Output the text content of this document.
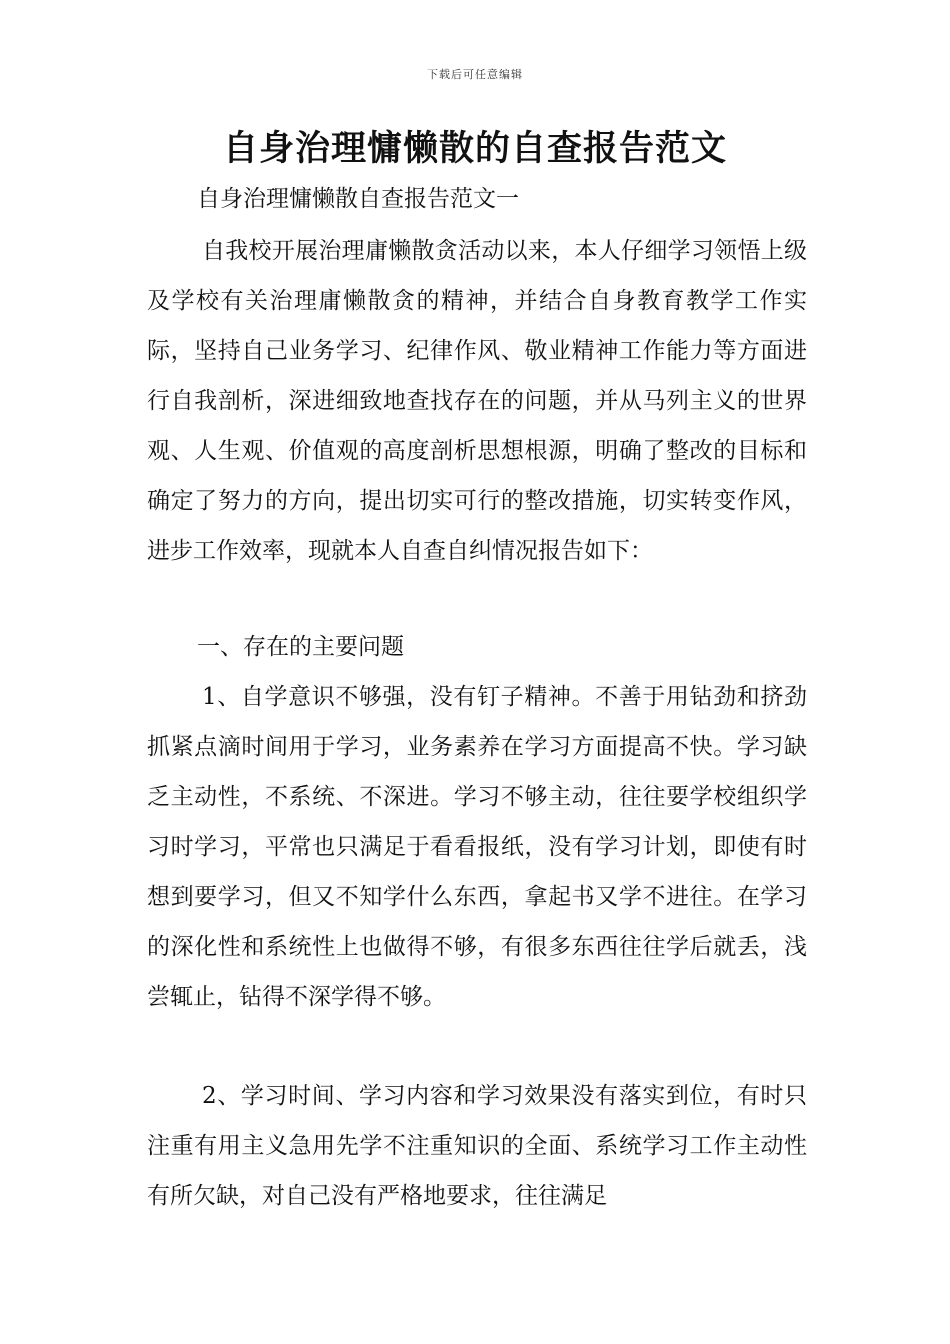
下载后可任意编辑
自身治理慵懒散的自查报告范文
自身治理慵懒散自查报告范文一

自我校开展治理庸懒散贪活动以来，本人仔细学习领悟上级及学校有关治理庸懒散贪的精神，并结合自身教育教学工作实际，坚持自己业务学习、纪律作风、敬业精神工作能力等方面进行自我剖析，深进细致地查找存在的问题，并从马列主义的世界观、人生观、价值观的高度剖析思想根源，明确了整改的目标和确定了努力的方向，提出切实可行的整改措施，切实转变作风，进步工作效率，现就本人自查自纠情况报告如下：

一、存在的主要问题

1、自学意识不够强，没有钉子精神。不善于用钻劲和挤劲抓紧点滴时间用于学习，业务素养在学习方面提高不快。学习缺乏主动性，不系统、不深进。学习不够主动，往往要学校组织学习时学习，平常也只满足于看看报纸，没有学习计划，即使有时想到要学习，但又不知学什么东西，拿起书又学不进往。在学习的深化性和系统性上也做得不够，有很多东西往往学后就丢，浅尝辄止，钻得不深学得不够。

2、学习时间、学习内容和学习效果没有落实到位，有时只注重有用主义急用先学不注重知识的全面、系统学习工作主动性有所欠缺，对自己没有严格地要求，往往满足
